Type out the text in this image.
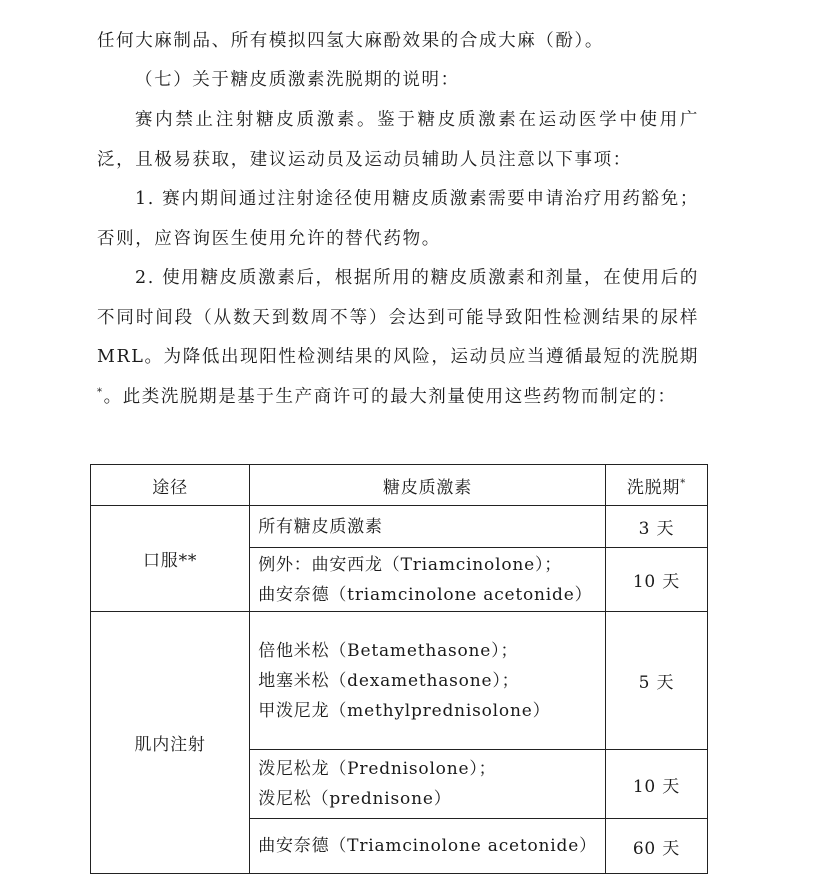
任何大麻制品、所有模拟四氢大麻酚效果的合成大麻（酚）。

（七）关于糖皮质激素洗脱期的说明：

赛内禁止注射糖皮质激素。鉴于糖皮质激素在运动医学中使用广泛，且极易获取，建议运动员及运动员辅助人员注意以下事项：

1. 赛内期间通过注射途径使用糖皮质激素需要申请治疗用药豁免；否则，应咨询医生使用允许的替代药物。

2. 使用糖皮质激素后，根据所用的糖皮质激素和剂量，在使用后的不同时间段（从数天到数周不等）会达到可能导致阳性检测结果的尿样 MRL。为降低出现阳性检测结果的风险，运动员应当遵循最短的洗脱期*。此类洗脱期是基于生产商许可的最大剂量使用这些药物而制定的：

途径	糖皮质激素	洗脱期*
口服**	所有糖皮质激素	3 天

	例外：曲安西龙（Triamcinolone）；
曲安奈德（triamcinolone acetonide）	10 天
肌内注射	倍他米松（Betamethasone）；
地塞米松（dexamethasone）；
甲泼尼龙（methylprednisolone）	5 天

	泼尼松龙（Prednisolone）；
泼尼松（prednisone）	10 天

	曲安奈德（Triamcinolone acetonide）	60 天
